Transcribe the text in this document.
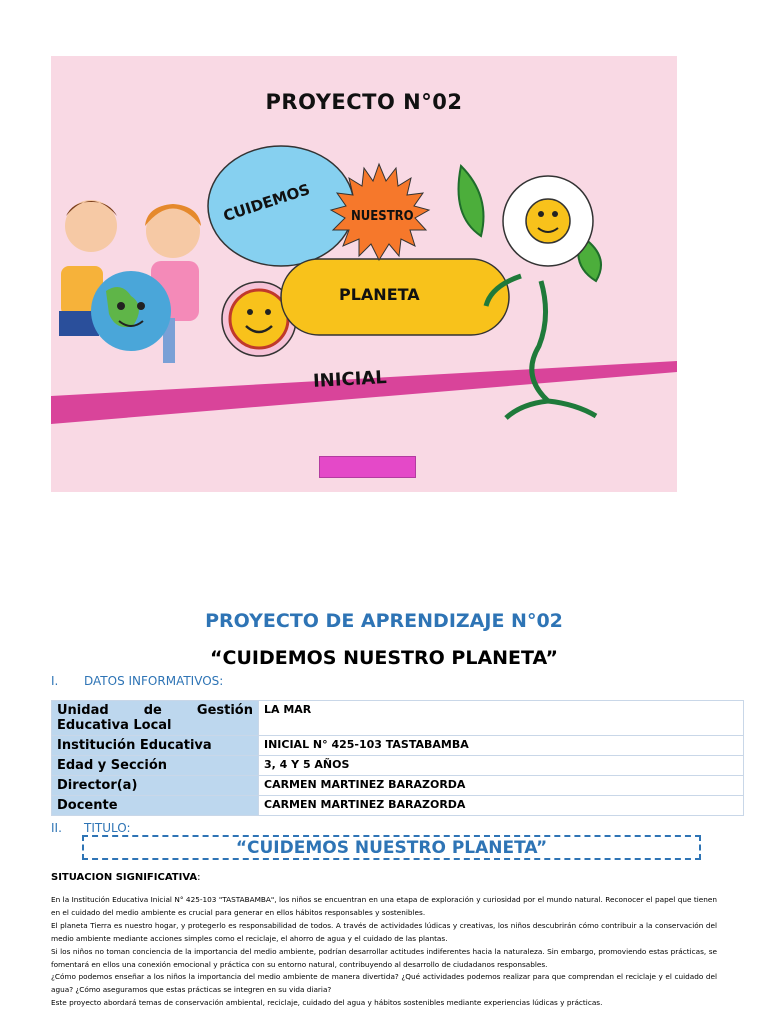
PROYECTO N°02
CUIDEMOS	NUESTRO
PLANETA
INICIAL
PROYECTO DE APRENDIZAJE N°02
“CUIDEMOS NUESTRO PLANETA”
I. DATOS INFORMATIVOS:
Unidad de Gestión
Educativa Local	LA MAR
Institución Educativa	INICIAL N° 425-103 TASTABAMBA
Edad y Sección	3, 4 Y 5 AÑOS
Director(a)	CARMEN MARTINEZ BARAZORDA
Docente	CARMEN MARTINEZ BARAZORDA
II. TITULO:
“CUIDEMOS NUESTRO PLANETA”
SITUACION SIGNIFICATIVA:

En la Institución Educativa Inicial N° 425-103 "TASTABAMBA", los niños se encuentran en una etapa de exploración y curiosidad por el mundo natural. Reconocer el papel que tienen en el cuidado del medio ambiente es crucial para generar en ellos hábitos responsables y sostenibles.

El planeta Tierra es nuestro hogar, y protegerlo es responsabilidad de todos. A través de actividades lúdicas y creativas, los niños descubrirán cómo contribuir a la conservación del medio ambiente mediante acciones simples como el reciclaje, el ahorro de agua y el cuidado de las plantas.

Si los niños no toman conciencia de la importancia del medio ambiente, podrían desarrollar actitudes indiferentes hacia la naturaleza. Sin embargo, promoviendo estas prácticas, se fomentará en ellos una conexión emocional y práctica con su entorno natural, contribuyendo al desarrollo de ciudadanos responsables.

¿Cómo podemos enseñar a los niños la importancia del medio ambiente de manera divertida? ¿Qué actividades podemos realizar para que comprendan el reciclaje y el cuidado del agua? ¿Cómo aseguramos que estas prácticas se integren en su vida diaria?

Este proyecto abordará temas de conservación ambiental, reciclaje, cuidado del agua y hábitos sostenibles mediante experiencias lúdicas y prácticas.
